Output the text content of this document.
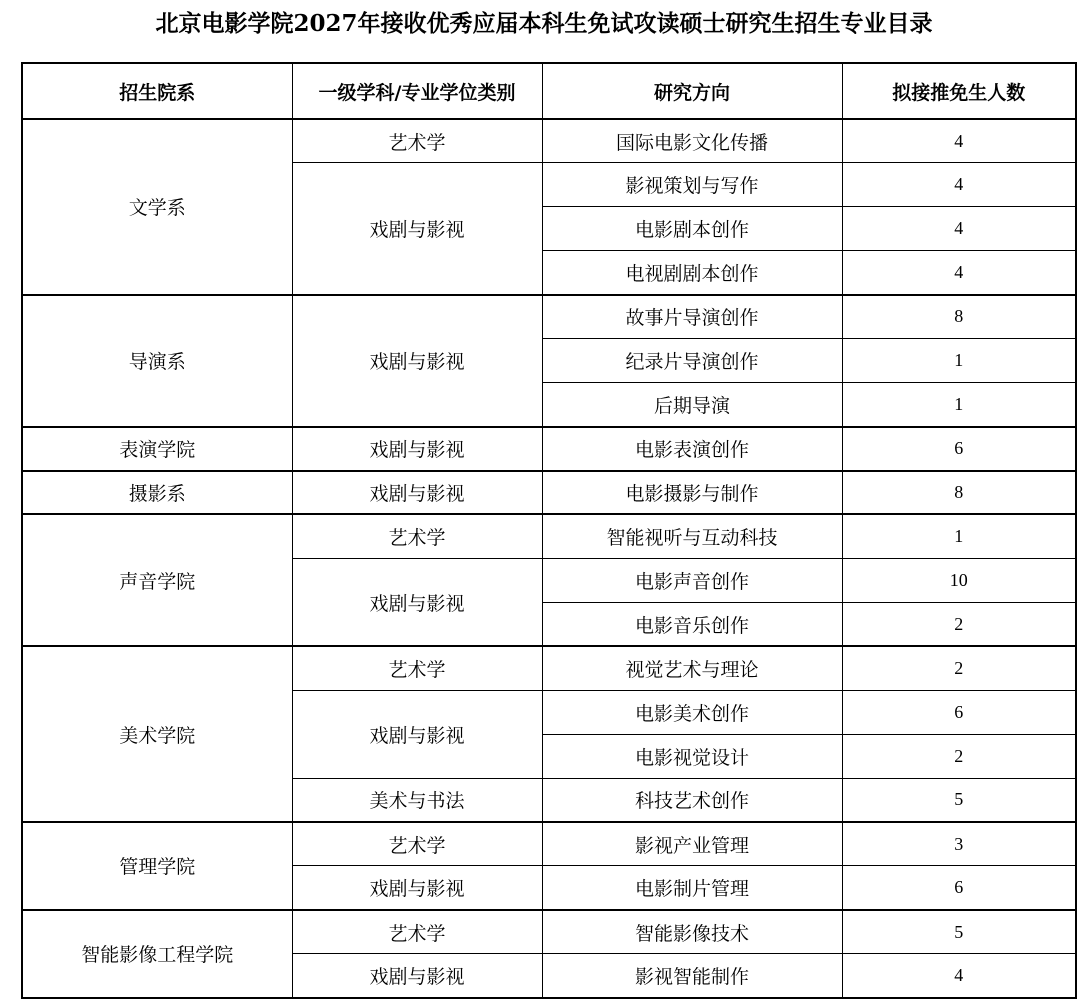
北京电影学院2027年接收优秀应届本科生免试攻读硕士研究生招生专业目录
招生院系	一级学科/专业学位类别	研究方向	拟接推免生人数
文学系	艺术学	国际电影文化传播	4
	戏剧与影视	影视策划与写作	4
		电影剧本创作	4
		电视剧剧本创作	4
导演系	戏剧与影视	故事片导演创作	8
		纪录片导演创作	1
		后期导演	1
表演学院	戏剧与影视	电影表演创作	6
摄影系	戏剧与影视	电影摄影与制作	8
声音学院	艺术学	智能视听与互动科技	1
	戏剧与影视	电影声音创作	10
		电影音乐创作	2
美术学院	艺术学	视觉艺术与理论	2
	戏剧与影视	电影美术创作	6
		电影视觉设计	2
	美术与书法	科技艺术创作	5
管理学院	艺术学	影视产业管理	3
	戏剧与影视	电影制片管理	6
智能影像工程学院	艺术学	智能影像技术	5
	戏剧与影视	影视智能制作	4
